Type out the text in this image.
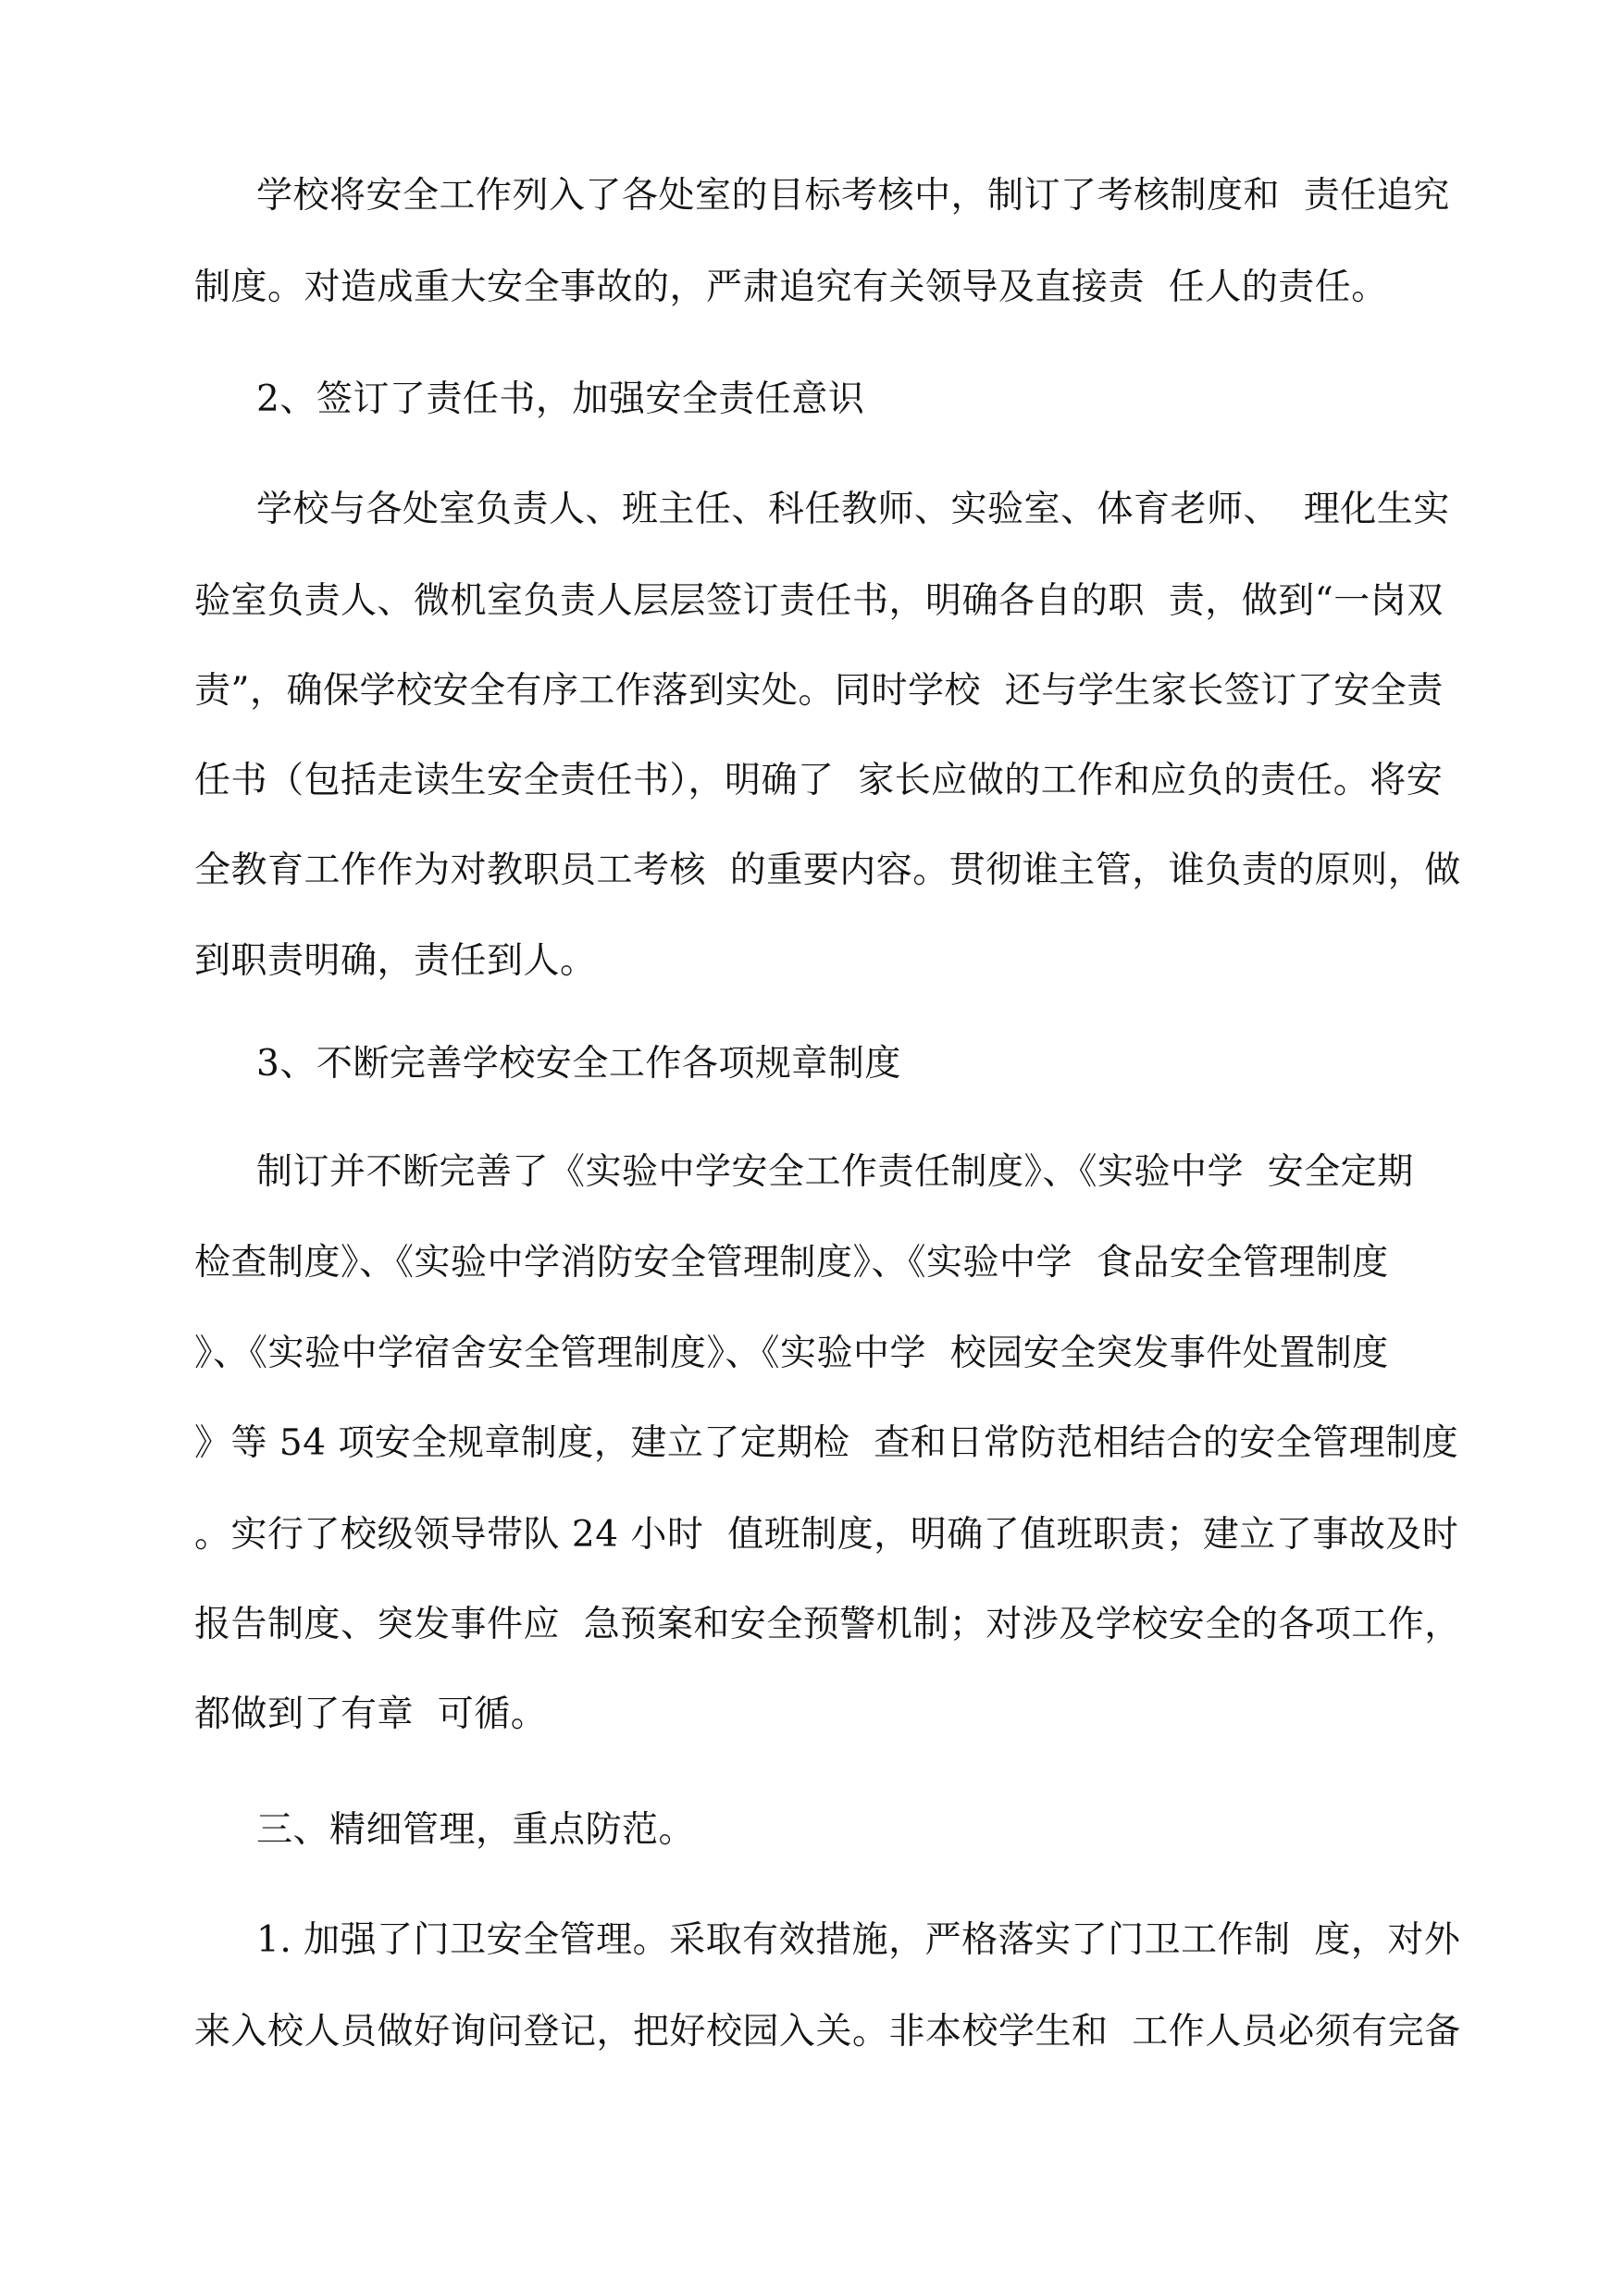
学校将安全工作列入了各处室的目标考核中，制订了考核制度和  责任追究
制度。对造成重大安全事故的，严肃追究有关领导及直接责  任人的责任。
2、签订了责任书，加强安全责任意识
学校与各处室负责人、班主任、科任教师、实验室、体育老师、  理化生实
验室负责人、微机室负责人层层签订责任书，明确各自的职  责，做到“一岗双
责”，确保学校安全有序工作落到实处。同时学校  还与学生家长签订了安全责
任书（包括走读生安全责任书），明确了  家长应做的工作和应负的责任。将安
全教育工作作为对教职员工考核  的重要内容。贯彻谁主管，谁负责的原则，做
到职责明确，责任到人。
3、不断完善学校安全工作各项规章制度
制订并不断完善了《实验中学安全工作责任制度》、《实验中学  安全定期
检查制度》、《实验中学消防安全管理制度》、《实验中学  食品安全管理制度
》、《实验中学宿舍安全管理制度》、《实验中学  校园安全突发事件处置制度
》等 54 项安全规章制度，建立了定期检  查和日常防范相结合的安全管理制度
。实行了校级领导带队 24 小时  值班制度，明确了值班职责；建立了事故及时
报告制度、突发事件应  急预案和安全预警机制；对涉及学校安全的各项工作，
都做到了有章  可循。
三、精细管理，重点防范。
1. 加强了门卫安全管理。采取有效措施，严格落实了门卫工作制  度，对外
来入校人员做好询问登记，把好校园入关。非本校学生和  工作人员必须有完备
